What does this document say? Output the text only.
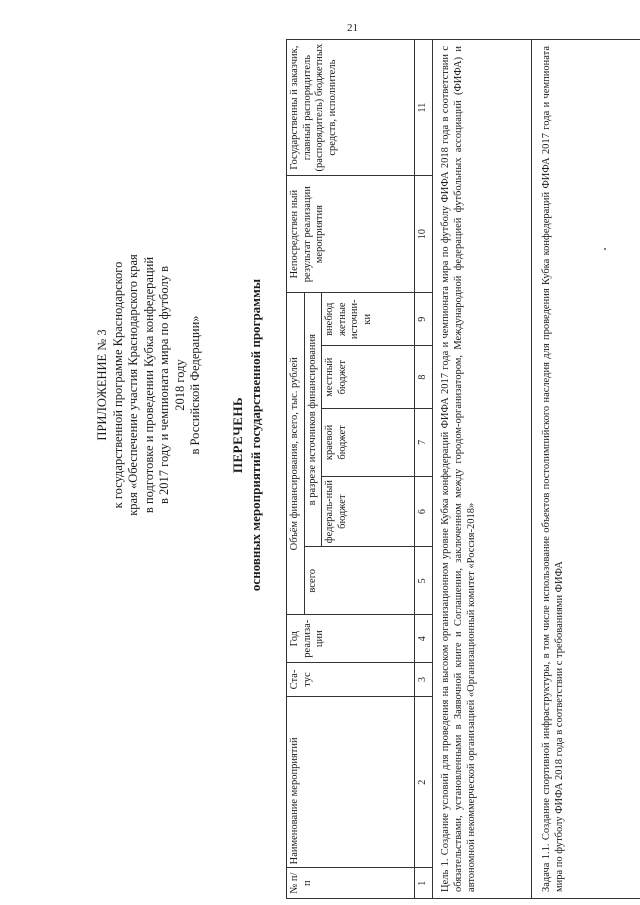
21
ПРИЛОЖЕНИЕ № 3 к государственной программе Краснодарского края «Обеспечение участия Краснодарского края в подготовке и проведении Кубка конфедераций в 2017 году и чемпионата мира по футболу в 2018 году в Российской Федерации» ПЕРЕЧЕНЬ основных мероприятий государственной программы
№ п/п	Наименование мероприятий	Ста-тус	Год реализа-ции	Объём финансирования, всего, тыс. рублей					Непосредствен ный результат реализации мероприятия	Государственны й заказчик, главный распорядитель (распорядитель) бюджетных средств, исполнитель
				всего	в разрезе источников финансирования					
					федераль-ный бюджет	краевой бюджет	местный бюджет	внебюд жетные источни-ки		
1	2	3	4	5	6	7	8	9	10	11
Цель 1. Создание условий для проведения на высоком организационном уровне Кубка конфедераций ФИФА 2017 года и чемпионата мира по футболу ФИФА 2018 года в соответствии с обязательствами, установленными в Заявочной книге и Соглашении, заключенном между городом-организатором, Международной федерацией футбольных ассоциаций (ФИФА) и автономной некоммерческой организацией «Организационный комитет «Россия-2018»										
Задача 1.1. Создание спортивной инфраструктуры, в том числе использование объектов постолимпийского наследия для проведения Кубка конфедераций ФИФА 2017 года и чемпионата мира по футболу ФИФА 2018 года в соответствии с требованиями ФИФА										
